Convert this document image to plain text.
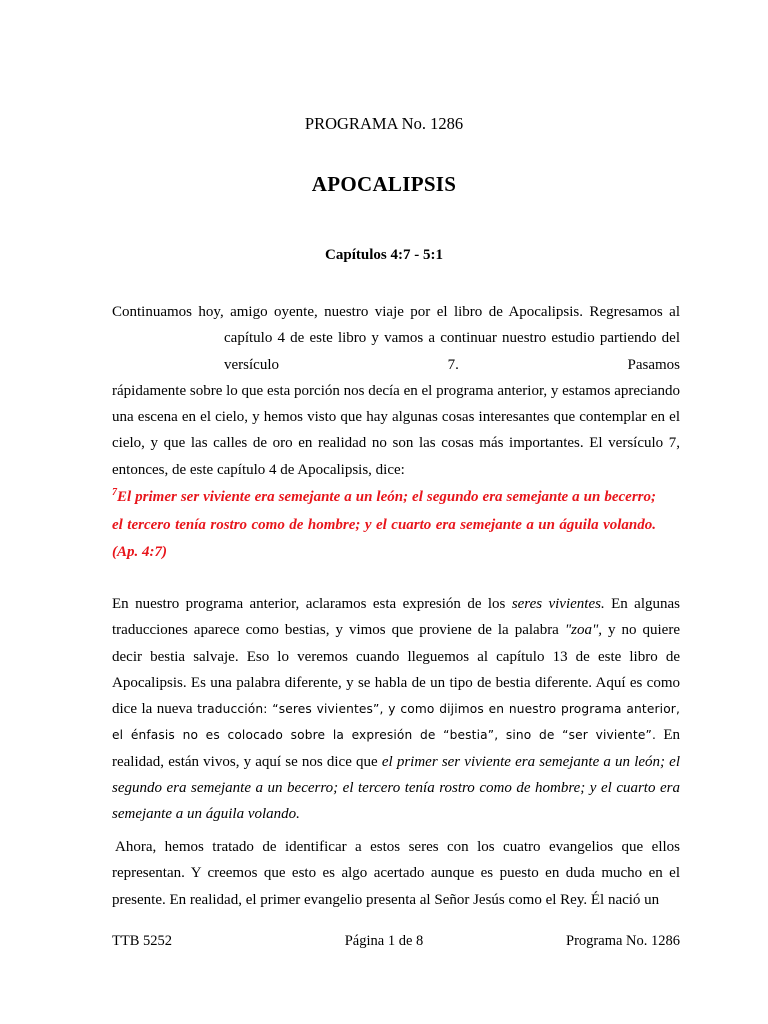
PROGRAMA No. 1286
APOCALIPSIS
Capítulos 4:7 - 5:1
Continuamos hoy, amigo oyente, nuestro viaje por el libro de Apocalipsis. Regresamos al
capítulo 4 de este libro y vamos a continuar nuestro estudio partiendo del versículo 7. Pasamos
rápidamente sobre lo que esta porción nos decía en el programa anterior, y estamos apreciando
una escena en el cielo, y hemos visto que hay algunas cosas interesantes que contemplar en el
cielo, y que las calles de oro en realidad no son las cosas más importantes. El versículo 7,
entonces, de este capítulo 4 de Apocalipsis, dice:
$^7$El primer ser viviente era semejante a un león; el segundo era semejante a un becerro; el tercero tenía rostro como de hombre; y el cuarto era semejante a un águila volando. (Ap. 4:7)
En nuestro programa anterior, aclaramos esta expresión de los seres vivientes. En algunas traducciones aparece como bestias, y vimos que proviene de la palabra "zoa", y no quiere decir bestia salvaje. Eso lo veremos cuando lleguemos al capítulo 13 de este libro de Apocalipsis. Es una palabra diferente, y se habla de un tipo de bestia diferente. Aquí es como dice la nueva traducción: “seres vivientes”, y como dijimos en nuestro programa anterior, el énfasis no es colocado sobre la expresión de “bestia”, sino de “ser viviente”. En realidad, están vivos, y aquí se nos dice que el primer ser viviente era semejante a un león; el segundo era semejante a un becerro; el tercero tenía rostro como de hombre; y el cuarto era semejante a un águila volando.
Ahora, hemos tratado de identificar a estos seres con los cuatro evangelios que ellos representan. Y creemos que esto es algo acertado aunque es puesto en duda mucho en el presente. En realidad, el primer evangelio presenta al Señor Jesús como el Rey. Él nació un
TTB 5252	Página 1 de 8	Programa No. 1286
